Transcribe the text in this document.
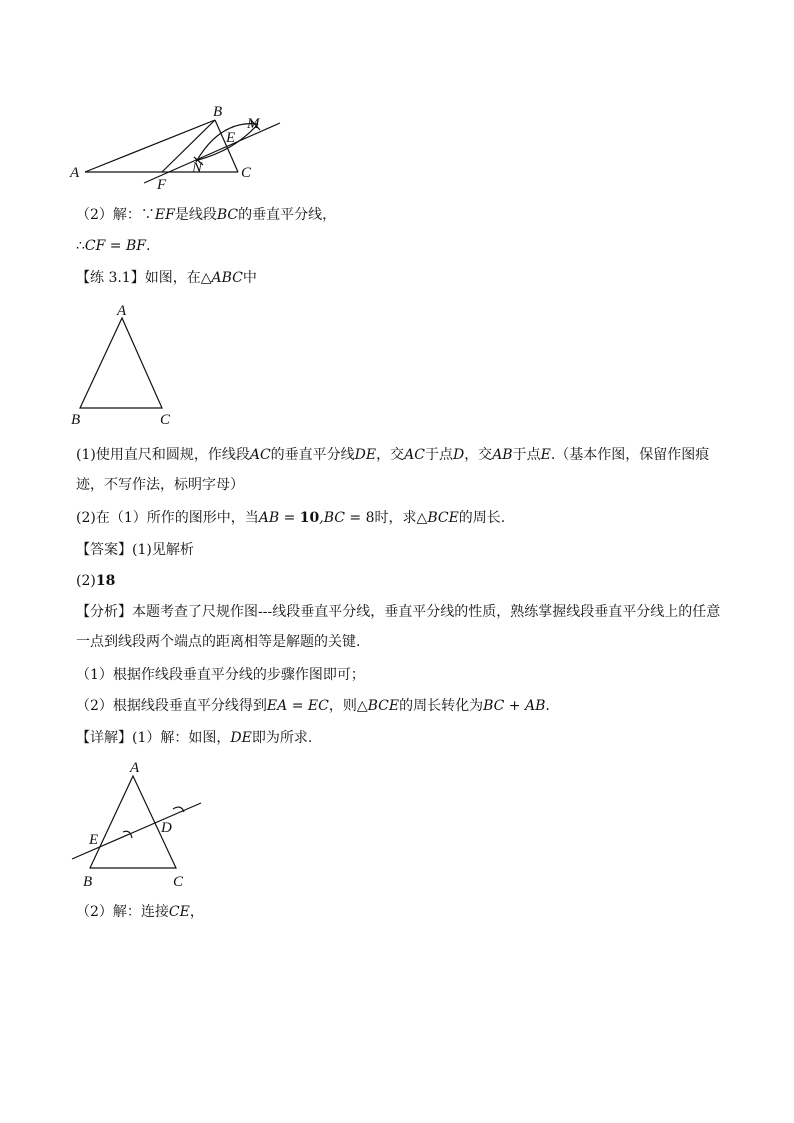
A
B
C
E
M
N
F
（2）解：∵EF是线段BC的垂直平分线，
∴CF = BF.
【练 3.1】如图，在△ABC中
A
B	C
(1)使用直尺和圆规，作线段AC的垂直平分线DE，交AC于点D，交AB于点E.（基本作图，保留作图痕迹，不写作法，标明字母）
(2)在（1）所作的图形中，当AB = 10,BC = 8时，求△BCE的周长.
【答案】(1)见解析
(2)18
【分析】本题考查了尺规作图---线段垂直平分线，垂直平分线的性质，熟练掌握线段垂直平分线上的任意一点到线段两个端点的距离相等是解题的关键.
（1）根据作线段垂直平分线的步骤作图即可；
（2）根据线段垂直平分线得到EA = EC，则△BCE的周长转化为BC + AB.
【详解】(1）解：如图，DE即为所求.
A
B	C
D
E
（2）解：连接CE，
